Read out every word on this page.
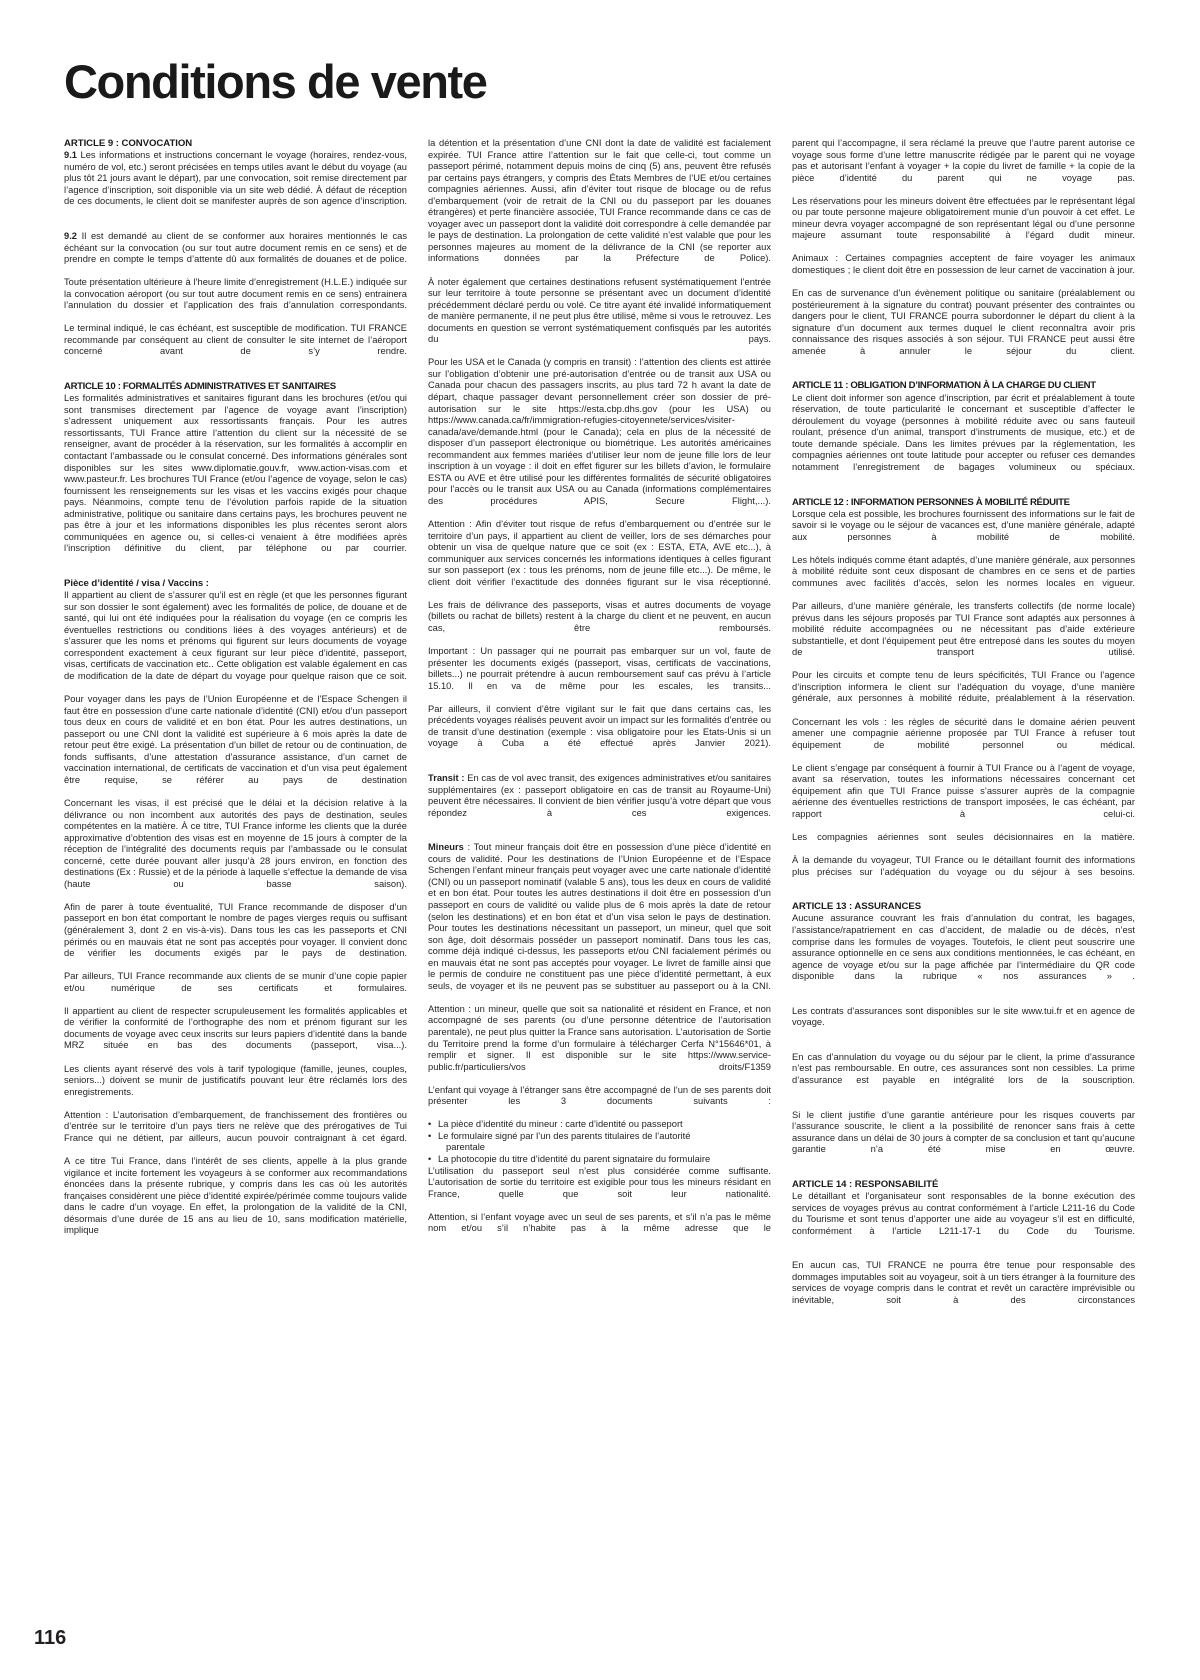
Conditions de vente
ARTICLE 9 : CONVOCATION

9.1 Les informations et instructions concernant le voyage (horaires, rendez-vous, numéro de vol, etc.) seront précisées en temps utiles avant le début du voyage (au plus tôt 21 jours avant le départ), par une convocation, soit remise directement par l’agence d’inscription, soit disponible via un site web dédié. À défaut de réception de ces documents, le client doit se manifester auprès de son agence d’inscription.

9.2 Il est demandé au client de se conformer aux horaires mentionnés le cas échéant sur la convocation (ou sur tout autre document remis en ce sens) et de prendre en compte le temps d’attente dû aux formalités de douanes et de police.

Toute présentation ultérieure à l’heure limite d’enregistrement (H.L.E.) indiquée sur la convocation aéroport (ou sur tout autre document remis en ce sens) entrainera l’annulation du dossier et l’application des frais d’annulation correspondants.

Le terminal indiqué, le cas échéant, est susceptible de modification. TUI FRANCE recommande par conséquent au client de consulter le site internet de l’aéroport concerné avant de s’y rendre.

ARTICLE 10 : FORMALITÉS ADMINISTRATIVES ET SANITAIRES

Les formalités administratives et sanitaires figurant dans les brochures (et/ou qui sont transmises directement par l’agence de voyage avant l’inscription) s’adressent uniquement aux ressortissants français. Pour les autres ressortissants, TUI France attire l’attention du client sur la nécessité de se renseigner, avant de procéder à la réservation, sur les formalités à accomplir en contactant l’ambassade ou le consulat concerné. Des informations générales sont disponibles sur les sites www.diplomatie.gouv.fr, www.action-visas.com et www.pasteur.fr. Les brochures TUI France (et/ou l’agence de voyage, selon le cas) fournissent les renseignements sur les visas et les vaccins exigés pour chaque pays. Néanmoins, compte tenu de l’évolution parfois rapide de la situation administrative, politique ou sanitaire dans certains pays, les brochures peuvent ne pas être à jour et les informations disponibles les plus récentes seront alors communiquées en agence ou, si celles-ci venaient à être modifiées après l’inscription définitive du client, par téléphone ou par courrier.

Pièce d’identité / visa / Vaccins :

Il appartient au client de s’assurer qu’il est en règle (et que les personnes figurant sur son dossier le sont également) avec les formalités de police, de douane et de santé, qui lui ont été indiquées pour la réalisation du voyage (en ce compris les éventuelles restrictions ou conditions liées à des voyages antérieurs) et de s’assurer que les noms et prénoms qui figurent sur leurs documents de voyage correspondent exactement à ceux figurant sur leur pièce d’identité, passeport, visas, certificats de vaccination etc.. Cette obligation est valable également en cas de modification de la date de départ du voyage pour quelque raison que ce soit.

Pour voyager dans les pays de l’Union Européenne et de l’Espace Schengen il faut être en possession d’une carte nationale d’identité (CNI) et/ou d’un passeport tous deux en cours de validité et en bon état. Pour les autres destinations, un passeport ou une CNI dont la validité est supérieure à 6 mois après la date de retour peut être exigé. La présentation d’un billet de retour ou de continuation, de fonds suffisants, d’une attestation d’assurance assistance, d’un carnet de vaccination international, de certificats de vaccination et d’un visa peut également être requise, se référer au pays de destination

Concernant les visas, il est précisé que le délai et la décision relative à la délivrance ou non incombent aux autorités des pays de destination, seules compétentes en la matière. À ce titre, TUI France informe les clients que la durée approximative d’obtention des visas est en moyenne de 15 jours à compter de la réception de l’intégralité des documents requis par l’ambassade ou le consulat concerné, cette durée pouvant aller jusqu’à 28 jours environ, en fonction des destinations (Ex : Russie) et de la période à laquelle s’effectue la demande de visa (haute ou basse saison).

Afin de parer à toute éventualité, TUI France recommande de disposer d’un passeport en bon état comportant le nombre de pages vierges requis ou suffisant (généralement 3, dont 2 en vis-à-vis). Dans tous les cas les passeports et CNI périmés ou en mauvais état ne sont pas acceptés pour voyager. Il convient donc de vérifier les documents exigés par le pays de destination.

Par ailleurs, TUI France recommande aux clients de se munir d’une copie papier et/ou numérique de ses certificats et formulaires.

Il appartient au client de respecter scrupuleusement les formalités applicables et de vérifier la conformité de l’orthographe des nom et prénom figurant sur les documents de voyage avec ceux inscrits sur leurs papiers d’identité dans la bande MRZ située en bas des documents (passeport, visa...).

Les clients ayant réservé des vols à tarif typologique (famille, jeunes, couples, seniors...) doivent se munir de justificatifs pouvant leur être réclamés lors des enregistrements.

Attention : L’autorisation d’embarquement, de franchissement des frontières ou d’entrée sur le territoire d’un pays tiers ne relève que des prérogatives de Tui France qui ne détient, par ailleurs, aucun pouvoir contraignant à cet égard.

A ce titre Tui France, dans l’intérêt de ses clients, appelle à la plus grande vigilance et incite fortement les voyageurs à se conformer aux recommandations énoncées dans la présente rubrique, y compris dans les cas où les autorités françaises considèrent une pièce d’identité expirée/périmée comme toujours valide dans le cadre d’un voyage. En effet, la prolongation de la validité de la CNI, désormais d’une durée de 15 ans au lieu de 10, sans modification matérielle, implique

la détention et la présentation d’une CNI dont la date de validité est facialement expirée. TUI France attire l’attention sur le fait que celle-ci, tout comme un passeport périmé, notamment depuis moins de cinq (5) ans, peuvent être refusés par certains pays étrangers, y compris des États Membres de l’UE et/ou certaines compagnies aériennes. Aussi, afin d’éviter tout risque de blocage ou de refus d’embarquement (voir de retrait de la CNI ou du passeport par les douanes étrangères) et perte financière associée, TUI France recommande dans ce cas de voyager avec un passeport dont la validité doit correspondre à celle demandée par le pays de destination. La prolongation de cette validité n’est valable que pour les personnes majeures au moment de la délivrance de la CNI (se reporter aux informations données par la Préfecture de Police).

À noter également que certaines destinations refusent systématiquement l’entrée sur leur territoire à toute personne se présentant avec un document d’identité précédemment déclaré perdu ou volé. Ce titre ayant été invalidé informatiquement de manière permanente, il ne peut plus être utilisé, même si vous le retrouvez. Les documents en question se verront systématiquement confisqués par les autorités du pays.

Pour les USA et le Canada (y compris en transit) : l’attention des clients est attirée sur l’obligation d’obtenir une pré-autorisation d’entrée ou de transit aux USA ou Canada pour chacun des passagers inscrits, au plus tard 72 h avant la date de départ, chaque passager devant personnellement créer son dossier de pré-autorisation sur le site https://esta.cbp.dhs.gov (pour les USA) ou https://www.canada.ca/fr/immigration-refugies-citoyennete/services/visiter-canada/ave/demande.html (pour le Canada); cela en plus de la nécessité de disposer d’un passeport électronique ou biométrique. Les autorités américaines recommandent aux femmes mariées d’utiliser leur nom de jeune fille lors de leur inscription à un voyage : il doit en effet figurer sur les billets d’avion, le formulaire ESTA ou AVE et être utilisé pour les différentes formalités de sécurité obligatoires pour l’accès ou le transit aux USA ou au Canada (informations complémentaires des procédures APIS, Secure Flight,...).

Attention : Afin d’éviter tout risque de refus d’embarquement ou d’entrée sur le territoire d’un pays, il appartient au client de veiller, lors de ses démarches pour obtenir un visa de quelque nature que ce soit (ex : ESTA, ETA, AVE etc...), à communiquer aux services concernés les informations identiques à celles figurant sur son passeport (ex : tous les prénoms, nom de jeune fille etc...). De même, le client doit vérifier l’exactitude des données figurant sur le visa réceptionné.

Les frais de délivrance des passeports, visas et autres documents de voyage (billets ou rachat de billets) restent à la charge du client et ne peuvent, en aucun cas, être remboursés.

Important : Un passager qui ne pourrait pas embarquer sur un vol, faute de présenter les documents exigés (passeport, visas, certificats de vaccinations, billets...) ne pourrait prétendre à aucun remboursement sauf cas prévu à l’article 15.10. Il en va de même pour les escales, les transits...

Par ailleurs, il convient d’être vigilant sur le fait que dans certains cas, les précédents voyages réalisés peuvent avoir un impact sur les formalités d’entrée ou de transit d’une destination (exemple : visa obligatoire pour les Etats-Unis si un voyage à Cuba a été effectué après Janvier 2021).

Transit : En cas de vol avec transit, des exigences administratives et/ou sanitaires supplémentaires (ex : passeport obligatoire en cas de transit au Royaume-Uni) peuvent être nécessaires. Il convient de bien vérifier jusqu’à votre départ que vous répondez à ces exigences.

Mineurs : Tout mineur français doit être en possession d’une pièce d’identité en cours de validité. Pour les destinations de l’Union Européenne et de l’Espace Schengen l’enfant mineur français peut voyager avec une carte nationale d’identité (CNI) ou un passeport nominatif (valable 5 ans), tous les deux en cours de validité et en bon état. Pour toutes les autres destinations il doit être en possession d’un passeport en cours de validité ou valide plus de 6 mois après la date de retour (selon les destinations) et en bon état et d’un visa selon le pays de destination. Pour toutes les destinations nécessitant un passeport, un mineur, quel que soit son âge, doit désormais posséder un passeport nominatif. Dans tous les cas, comme déjà indiqué ci-dessus, les passeports et/ou CNI facialement périmés ou en mauvais état ne sont pas acceptés pour voyager. Le livret de famille ainsi que le permis de conduire ne constituent pas une pièce d’identité permettant, à eux seuls, de voyager et ils ne peuvent pas se substituer au passeport ou à la CNI.

Attention : un mineur, quelle que soit sa nationalité et résident en France, et non accompagné de ses parents (ou d’une personne détentrice de l’autorisation parentale), ne peut plus quitter la France sans autorisation. L’autorisation de Sortie du Territoire prend la forme d’un formulaire à télécharger Cerfa N°15646*01, à remplir et signer. Il est disponible sur le site https://www.service-public.fr/particuliers/vos droits/F1359

L’enfant qui voyage à l’étranger sans être accompagné de l’un de ses parents doit présenter les 3 documents suivants :

• La pièce d’identité du mineur : carte d’identité ou passeport
• Le formulaire signé par l’un des parents titulaires de l’autorité
parentale
• La photocopie du titre d’identité du parent signataire du formulaire

L’utilisation du passeport seul n’est plus considérée comme suffisante. L’autorisation de sortie du territoire est exigible pour tous les mineurs résidant en France, quelle que soit leur nationalité.

Attention, si l’enfant voyage avec un seul de ses parents, et s’il n’a pas le même nom et/ou s’il n’habite pas à la même adresse que le

parent qui l’accompagne, il sera réclamé la preuve que l’autre parent autorise ce voyage sous forme d’une lettre manuscrite rédigée par le parent qui ne voyage pas et autorisant l’enfant à voyager + la copie du livret de famille + la copie de la pièce d’identité du parent qui ne voyage pas.

Les réservations pour les mineurs doivent être effectuées par le représentant légal ou par toute personne majeure obligatoirement munie d’un pouvoir à cet effet. Le mineur devra voyager accompagné de son représentant légal ou d’une personne majeure assumant toute responsabilité à l’égard dudit mineur.

Animaux : Certaines compagnies acceptent de faire voyager les animaux domestiques ; le client doit être en possession de leur carnet de vaccination à jour.

En cas de survenance d’un évènement politique ou sanitaire (préalablement ou postérieurement à la signature du contrat) pouvant présenter des contraintes ou dangers pour le client, TUI FRANCE pourra subordonner le départ du client à la signature d’un document aux termes duquel le client reconnaîtra avoir pris connaissance des risques associés à son séjour. TUI FRANCE peut aussi être amenée à annuler le séjour du client.

ARTICLE 11 : OBLIGATION D’INFORMATION À LA CHARGE DU CLIENT

Le client doit informer son agence d’inscription, par écrit et préalablement à toute réservation, de toute particularité le concernant et susceptible d’affecter le déroulement du voyage (personnes à mobilité réduite avec ou sans fauteuil roulant, présence d’un animal, transport d’instruments de musique, etc.) et de toute demande spéciale. Dans les limites prévues par la réglementation, les compagnies aériennes ont toute latitude pour accepter ou refuser ces demandes notamment l’enregistrement de bagages volumineux ou spéciaux.

ARTICLE 12 : INFORMATION PERSONNES À MOBILITÉ RÉDUITE

Lorsque cela est possible, les brochures fournissent des informations sur le fait de savoir si le voyage ou le séjour de vacances est, d’une manière générale, adapté aux personnes à mobilité de mobilité.

Les hôtels indiqués comme étant adaptés, d’une manière générale, aux personnes à mobilité réduite sont ceux disposant de chambres en ce sens et de parties communes avec facilités d’accès, selon les normes locales en vigueur.

Par ailleurs, d’une manière générale, les transferts collectifs (de norme locale) prévus dans les séjours proposés par TUI France sont adaptés aux personnes à mobilité réduite accompagnées ou ne nécessitant pas d’aide extérieure substantielle, et dont l’équipement peut être entreposé dans les soutes du moyen de transport utilisé.

Pour les circuits et compte tenu de leurs spécificités, TUI France ou l’agence d’inscription informera le client sur l’adéquation du voyage, d’une manière générale, aux personnes à mobilité réduite, préalablement à la réservation.

Concernant les vols : les règles de sécurité dans le domaine aérien peuvent amener une compagnie aérienne proposée par TUI France à refuser tout équipement de mobilité personnel ou médical.

Le client s’engage par conséquent à fournir à TUI France ou à l’agent de voyage, avant sa réservation, toutes les informations nécessaires concernant cet équipement afin que TUI France puisse s’assurer auprès de la compagnie aérienne des éventuelles restrictions de transport imposées, le cas échéant, par rapport à celui-ci.

Les compagnies aériennes sont seules décisionnaires en la matière.

À la demande du voyageur, TUI France ou le détaillant fournit des informations plus précises sur l’adéquation du voyage ou du séjour à ses besoins.

ARTICLE 13 : ASSURANCES

Aucune assurance couvrant les frais d’annulation du contrat, les bagages, l’assistance/rapatriement en cas d’accident, de maladie ou de décès, n’est comprise dans les formules de voyages. Toutefois, le client peut souscrire une assurance optionnelle en ce sens aux conditions mentionnées, le cas échéant, en agence de voyage et/ou sur la page affichée par l’intermédiaire du QR code disponible dans la rubrique « nos assurances » .

Les contrats d’assurances sont disponibles sur le site www.tui.fr et en agence de voyage.

En cas d’annulation du voyage ou du séjour par le client, la prime d’assurance n’est pas remboursable. En outre, ces assurances sont non cessibles. La prime d’assurance est payable en intégralité lors de la souscription.

Si le client justifie d’une garantie antérieure pour les risques couverts par l’assurance souscrite, le client a la possibilité de renoncer sans frais à cette assurance dans un délai de 30 jours à compter de sa conclusion et tant qu’aucune garantie n’a été mise en œuvre.

ARTICLE 14 : RESPONSABILITÉ

Le détaillant et l’organisateur sont responsables de la bonne exécution des services de voyages prévus au contrat conformément à l’article L211-16 du Code du Tourisme et sont tenus d’apporter une aide au voyageur s’il est en difficulté, conformément à l’article L211-17-1 du Code du Tourisme.

En aucun cas, TUI FRANCE ne pourra être tenue pour responsable des dommages imputables soit au voyageur, soit à un tiers étranger à la fourniture des services de voyage compris dans le contrat et revêt un caractère imprévisible ou inévitable, soit à des circonstances

116
